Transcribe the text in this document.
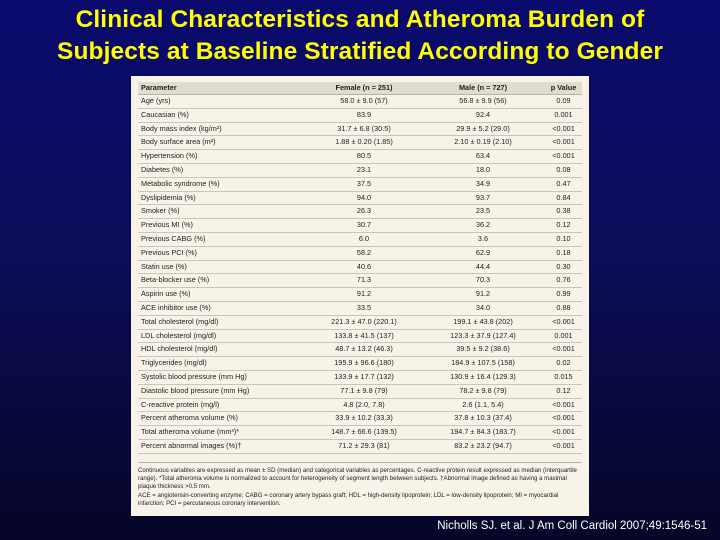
Clinical Characteristics and Atheroma Burden of
Subjects at Baseline Stratified According to Gender
Parameter	Female (n = 251)	Male (n = 727)	p Value
Age (yrs)	58.0 ± 9.0 (57)	56.8 ± 9.9 (56)	0.09
Caucasian (%)	83.9	92.4	0.001
Body mass index (kg/m²)	31.7 ± 6.8 (30.5)	29.9 ± 5.2 (29.0)	<0.001
Body surface area (m²)	1.88 ± 0.20 (1.85)	2.10 ± 0.19 (2.10)	<0.001
Hypertension (%)	80.5	63.4	<0.001
Diabetes (%)	23.1	18.0	0.08
Metabolic syndrome (%)	37.5	34.9	0.47
Dyslipidemia (%)	94.0	93.7	0.84
Smoker (%)	26.3	23.5	0.38
Previous MI (%)	30.7	36.2	0.12
Previous CABG (%)	6.0	3.6	0.10
Previous PCI (%)	58.2	62.9	0.18
Statin use (%)	40.6	44.4	0.30
Beta-blocker use (%)	71.3	70.3	0.76
Aspirin use (%)	91.2	91.2	0.99
ACE inhibitor use (%)	33.5	34.0	0.88
Total cholesterol (mg/dl)	221.3 ± 47.0 (220.1)	199.1 ± 43.8 (202)	<0.001
LDL cholesterol (mg/dl)	133.8 ± 41.5 (137)	123.3 ± 37.9 (127.4)	0.001
HDL cholesterol (mg/dl)	48.7 ± 13.2 (46.3)	39.5 ± 9.2 (38.6)	<0.001
Triglycerides (mg/dl)	195.9 ± 96.6 (180)	184.9 ± 107.5 (158)	0.02
Systolic blood pressure (mm Hg)	133.9 ± 17.7 (132)	130.9 ± 16.4 (129.3)	0.015
Diastolic blood pressure (mm Hg)	77.1 ± 9.8 (79)	78.2 ± 9.8 (79)	0.12
C-reactive protein (mg/l)	4.8 (2.0, 7.8)	2.6 (1.1, 5.4)	<0.001
Percent atheroma volume (%)	33.9 ± 10.2 (33.3)	37.8 ± 10.3 (37.4)	<0.001
Total atheroma volume (mm³)*	148.7 ± 66.6 (139.5)	194.7 ± 84.3 (183.7)	<0.001
Percent abnormal images (%)†	71.2 ± 29.3 (81)	83.2 ± 23.2 (94.7)	<0.001
Continuous variables are expressed as mean ± SD (median) and categorical variables as percentages. C-reactive protein result expressed as median (interquartile range). *Total atheroma volume is normalized to account for heterogeneity of segment length between subjects. †Abnormal image defined as having a maximal plaque thickness >0.5 mm.
ACE = angiotensin-converting enzyme; CABG = coronary artery bypass graft; HDL = high-density lipoprotein; LDL = low-density lipoprotein; MI = myocardial infarction; PCI = percutaneous coronary intervention.
Nicholls SJ. et al. J Am Coll Cardiol 2007;49:1546-51
